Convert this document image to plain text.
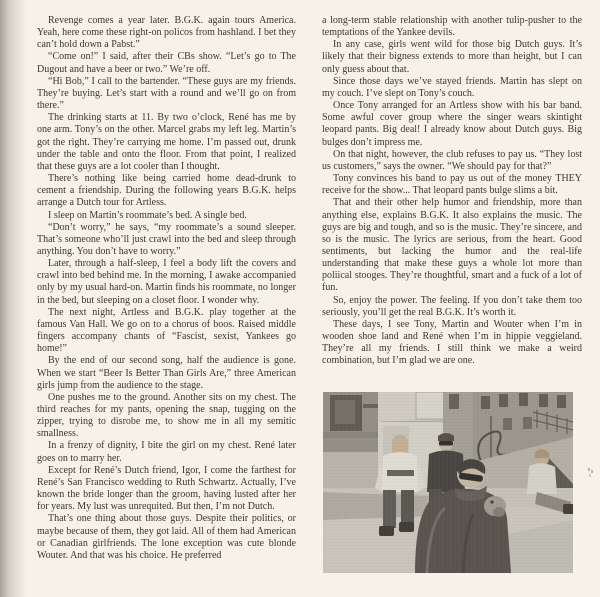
Revenge comes a year later. B.G.K. again tours America. Yeah, here come these right-on policos from hashland. I bet they can’t hold down a Pabst.”

“Come on!” I said, after their CBs show. “Let’s go to The Dugout and have a beer or two.” We’re off.

“Hi Bob,” I call to the bartender. “These guys are my friends. They’re buying. Let’s start with a round and we’ll go on from there.”

The drinking starts at 11. By two o’clock, René has me by one arm. Tony’s on the other. Marcel grabs my left leg. Martin’s got the right. They’re carrying me home. I’m passed out, drunk under the table and onto the floor. From that point, I realized that these guys are a lot cooler than I thought.

There’s nothing like being carried home dead-drunk to cement a friendship. During the following years B.G.K. helps arrange a Dutch tour for Artless.

I sleep on Martin’s roommate’s bed. A single bed.

“Don’t worry,” he says, “my roommate’s a sound sleeper. That’s someone who’ll just crawl into the bed and sleep through anything. You don’t have to worry.”

Later, through a half-sleep, I feel a body lift the covers and crawl into bed behind me. In the morning, I awake accompanied only by my usual hard-on. Martin finds his roommate, no longer in the bed, but sleeping on a closet floor. I wonder why.

The next night, Artless and B.G.K. play together at the famous Van Hall. We go on to a chorus of boos. Raised middle fingers accompany chants of “Fascist, sexist, Yankees go home!”

By the end of our second song, half the audience is gone. When we start “Beer Is Better Than Girls Are,” three American girls jump from the audience to the stage.

One pushes me to the ground. Another sits on my chest. The third reaches for my pants, opening the snap, tugging on the zipper, trying to disrobe me, to show me in all my semitic smallness.

In a frenzy of dignity, I bite the girl on my chest. René later goes on to marry her.

Except for René’s Dutch friend, Igor, I come the farthest for René’s San Francisco wedding to Ruth Schwartz. Actually, I’ve known the bride longer than the groom, having lusted after her for years. My lust was unrequited. But then, I’m not Dutch.

That’s one thing about those guys. Despite their politics, or maybe because of them, they got laid. All of them had American or Canadian girlfriends. The lone exception was cute blonde Wouter. And that was his choice. He preferred

a long-term stable relationship with another tulip-pusher to the temptations of the Yankee devils.

In any case, girls went wild for those big Dutch guys. It’s likely that their bigness extends to more than height, but I can only guess about that.

Since those days we’ve stayed friends. Martin has slept on my couch. I’ve slept on Tony’s couch.

Once Tony arranged for an Artless show with his bar band. Some awful cover group where the singer wears skintight leopard pants. Big deal! I already know about Dutch guys. Big bulges don’t impress me.

On that night, however, the club refuses to pay us. “They lost us customers,” says the owner. “We should pay for that?”

Tony convinces his band to pay us out of the money THEY receive for the show... That leopard pants bulge slims a bit.

That and their other help humor and friendship, more than anything else, explains B.G.K. It also explains the music. The guys are big and tough, and so is the music. They’re sincere, and so is the music. The lyrics are serious, from the heart. Good sentiments, but lacking the humor and the real-life understanding that make these guys a whole lot more than poliical stooges. They’re thoughtful, smart and a fuck of a lot of fun.

So, enjoy the power. The feeling. If you don’t take them too seriously, you’ll get the real B.G.K. It’s worth it.

These days, I see Tony, Martin and Wouter when I’m in wooden shoe land and René when I’m in hippie veggieland. They’re all my friends. I still think we make a weird combination, but I’m glad we are one.
